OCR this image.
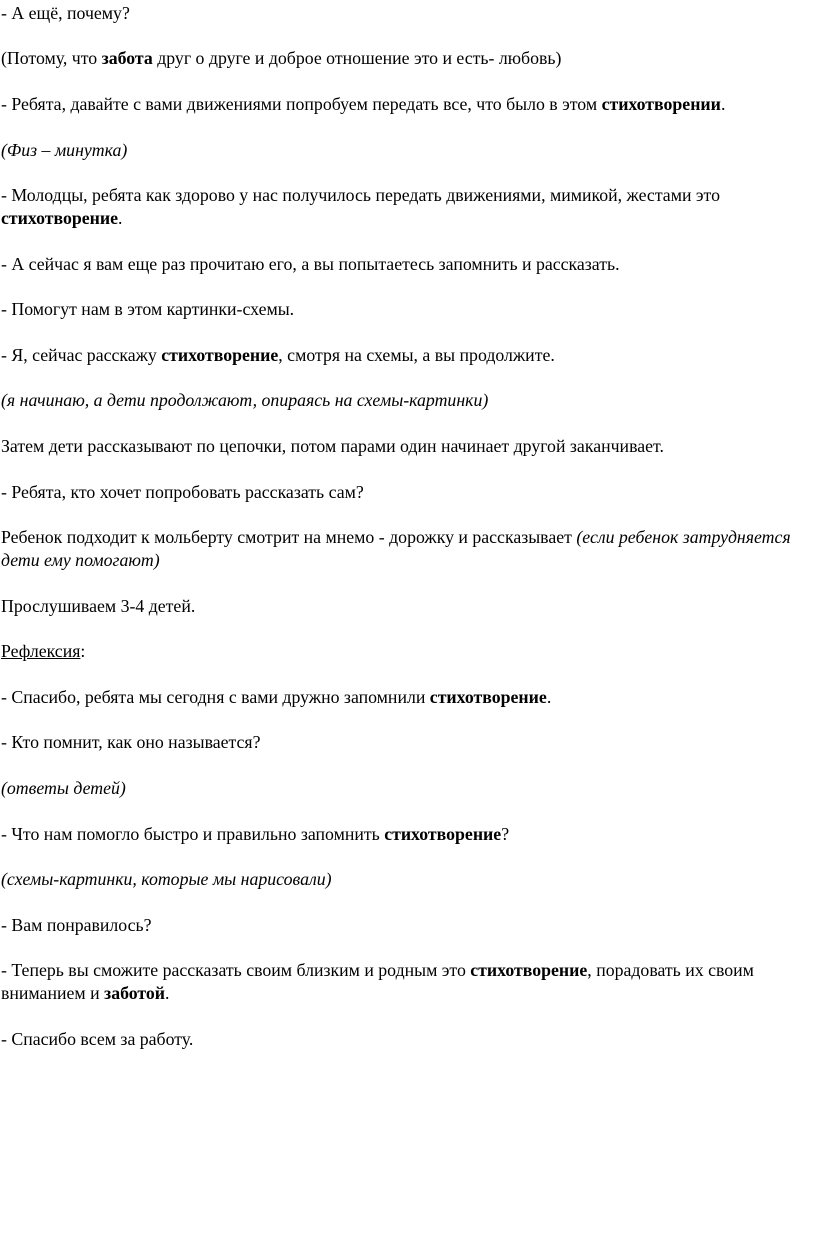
- А ещё, почему?

(Потому, что забота друг о друге и доброе отношение это и есть- любовь)

- Ребята, давайте с вами движениями попробуем передать все, что было в этом стихотворении.

(Физ – минутка)

- Молодцы, ребята как здорово у нас получилось передать движениями, мимикой, жестами это стихотворение.

- А сейчас я вам еще раз прочитаю его, а вы попытаетесь запомнить и рассказать.

- Помогут нам в этом картинки-схемы.

- Я, сейчас расскажу стихотворение, смотря на схемы, а вы продолжите.

(я начинаю, а дети продолжают, опираясь на схемы-картинки)

Затем дети рассказывают по цепочки, потом парами один начинает другой заканчивает.

- Ребята, кто хочет попробовать рассказать сам?

Ребенок подходит к мольберту смотрит на мнемо - дорожку и рассказывает (если ребенок затрудняется дети ему помогают)

Прослушиваем 3-4 детей.

Рефлексия:

- Спасибо, ребята мы сегодня с вами дружно запомнили стихотворение.

- Кто помнит, как оно называется?

(ответы детей)

- Что нам помогло быстро и правильно запомнить стихотворение?

(схемы-картинки, которые мы нарисовали)

- Вам понравилось?

- Теперь вы сможите рассказать своим близким и родным это стихотворение, порадовать их своим вниманием и заботой.

- Спасибо всем за работу.
